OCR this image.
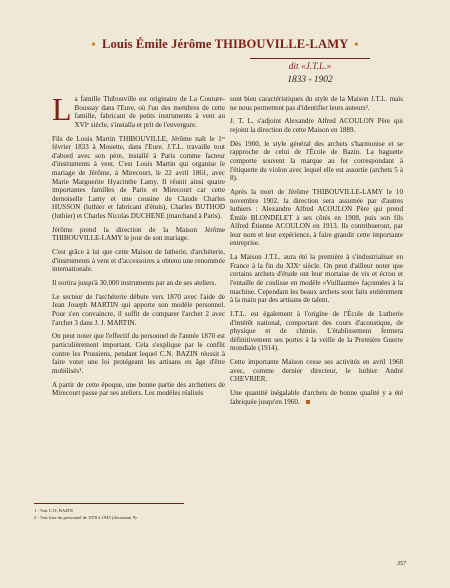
• Louis Émile Jérôme THIBOUVILLE-LAMY •
dit «J.T.L.»
1833 - 1902

La famille Thibouville est originaire de La Couture-Boussay dans l'Eure, où l'un des membres de cette famille, fabricant de petits instruments à vent au XVIᵉ siècle, s'installa et prit de l'envergure.

Fils de Louis Martin THIBOUVILLE, Jérôme naît le 1ᵉʳ février 1833 à Mouette, dans l'Eure. J.T.L. travaille tout d'abord avec son père, installé à Paris comme facteur d'instruments à vent. C'est Louis Martin qui organise le mariage de Jérôme, à Mirecourt, le 22 avril 1861, avec Marie Marguerite Hyacinthe Lamy. Il réunit ainsi quatre importantes familles de Paris et Mirecourt car cette demoiselle Lamy et une cousine de Claude Charles HUSSON (luthier et fabricant d'étuis), Charles BUTHOD (luthier) et Charles Nicolas DUCHENE (marchand à Paris).

Jérôme prend la direction de la Maison Jérôme THIBOUVILLE-LAMY le jour de son mariage.

C'est grâce à lui que cette Maison de lutherie, d'archèterie, d'instruments à vent et d'accessoires a obtenu une renommée internationale.

Il sortira jusqu'à 30.000 instruments par an de ses ateliers.

Le secteur de l'archèterie débute vers 1870 avec l'aide de Jean Joseph MARTIN qui apporte son modèle personnel. Pour s'en convaincre, il suffit de comparer l'archet 2 avec l'archet 3 dans J. J. MARTIN.

On peut noter que l'effectif du personnel de l'année 1870 est particulièrement important. Cela s'explique par le conflit contre les Prussiens, pendant lequel C.N. BAZIN réussit à faire voter une loi protégeant les artisans en âge d'être mobilisés¹.

A partir de cette époque, une bonne partie des archetiers de Mirecourt passe par ses ateliers. Les modèles réalisés

sont bien caractéristiques du style de la Maison J.T.L. mais ne nous permettent pas d'identifier leurs auteurs².

J. T. L. s'adjoint Alexandre Alfred ACOULON Père qui rejoint la direction de cette Maison en 1889.

Dès 1900, le style général des archets s'harmonise et se rapproche de celui de l'École de Bazin. La baguette comporte souvent la marque au fer correspondant à l'étiquette du violon avec lequel elle est assortie (archets 5 à 8).

Après la mort de Jérôme THIBOUVILLE-LAMY le 10 novembre 1902, la direction sera assumée par d'autres luthiers : Alexandre Alfred ACOULON Père qui prend Émile BLONDELET à ses côtés en 1908, puis son fils Alfred Étienne ACOULON en 1913. Ils contribueront, par leur nom et leur expérience, à faire grandir cette importante entreprise.

La Maison J.T.L. aura été la première à s'industrialiser en France à la fin du XIXᵉ siècle. On peut d'ailleur noter que certains archets d'étude ont leur mortaise de vis et écrou et l'entaille de coulisse en modèle «Vuillaume» façonnées à la machine. Cependant les beaux archets sont faits entièrement à la main par des artisans de talent.

J.T.L. est également à l'origine de l'École de Lutherie d'intérêt national, comportant des cours d'acoustique, de physique et de chimie. L'établissement fermera définitivement ses portes à la veille de la Première Guerre mondiale (1914).

Cette importante Maison cesse ses activités en avril 1968 avec, comme dernier directeur, le luthier André CHEVRIER.

Une quantité inégalable d'archets de bonne qualité y a été fabriquée jusqu'en 1960.

1 - Voir C.N. BAZIN
2 - Voir liste du personnel de 1870 à 1945 (document 9)
357
